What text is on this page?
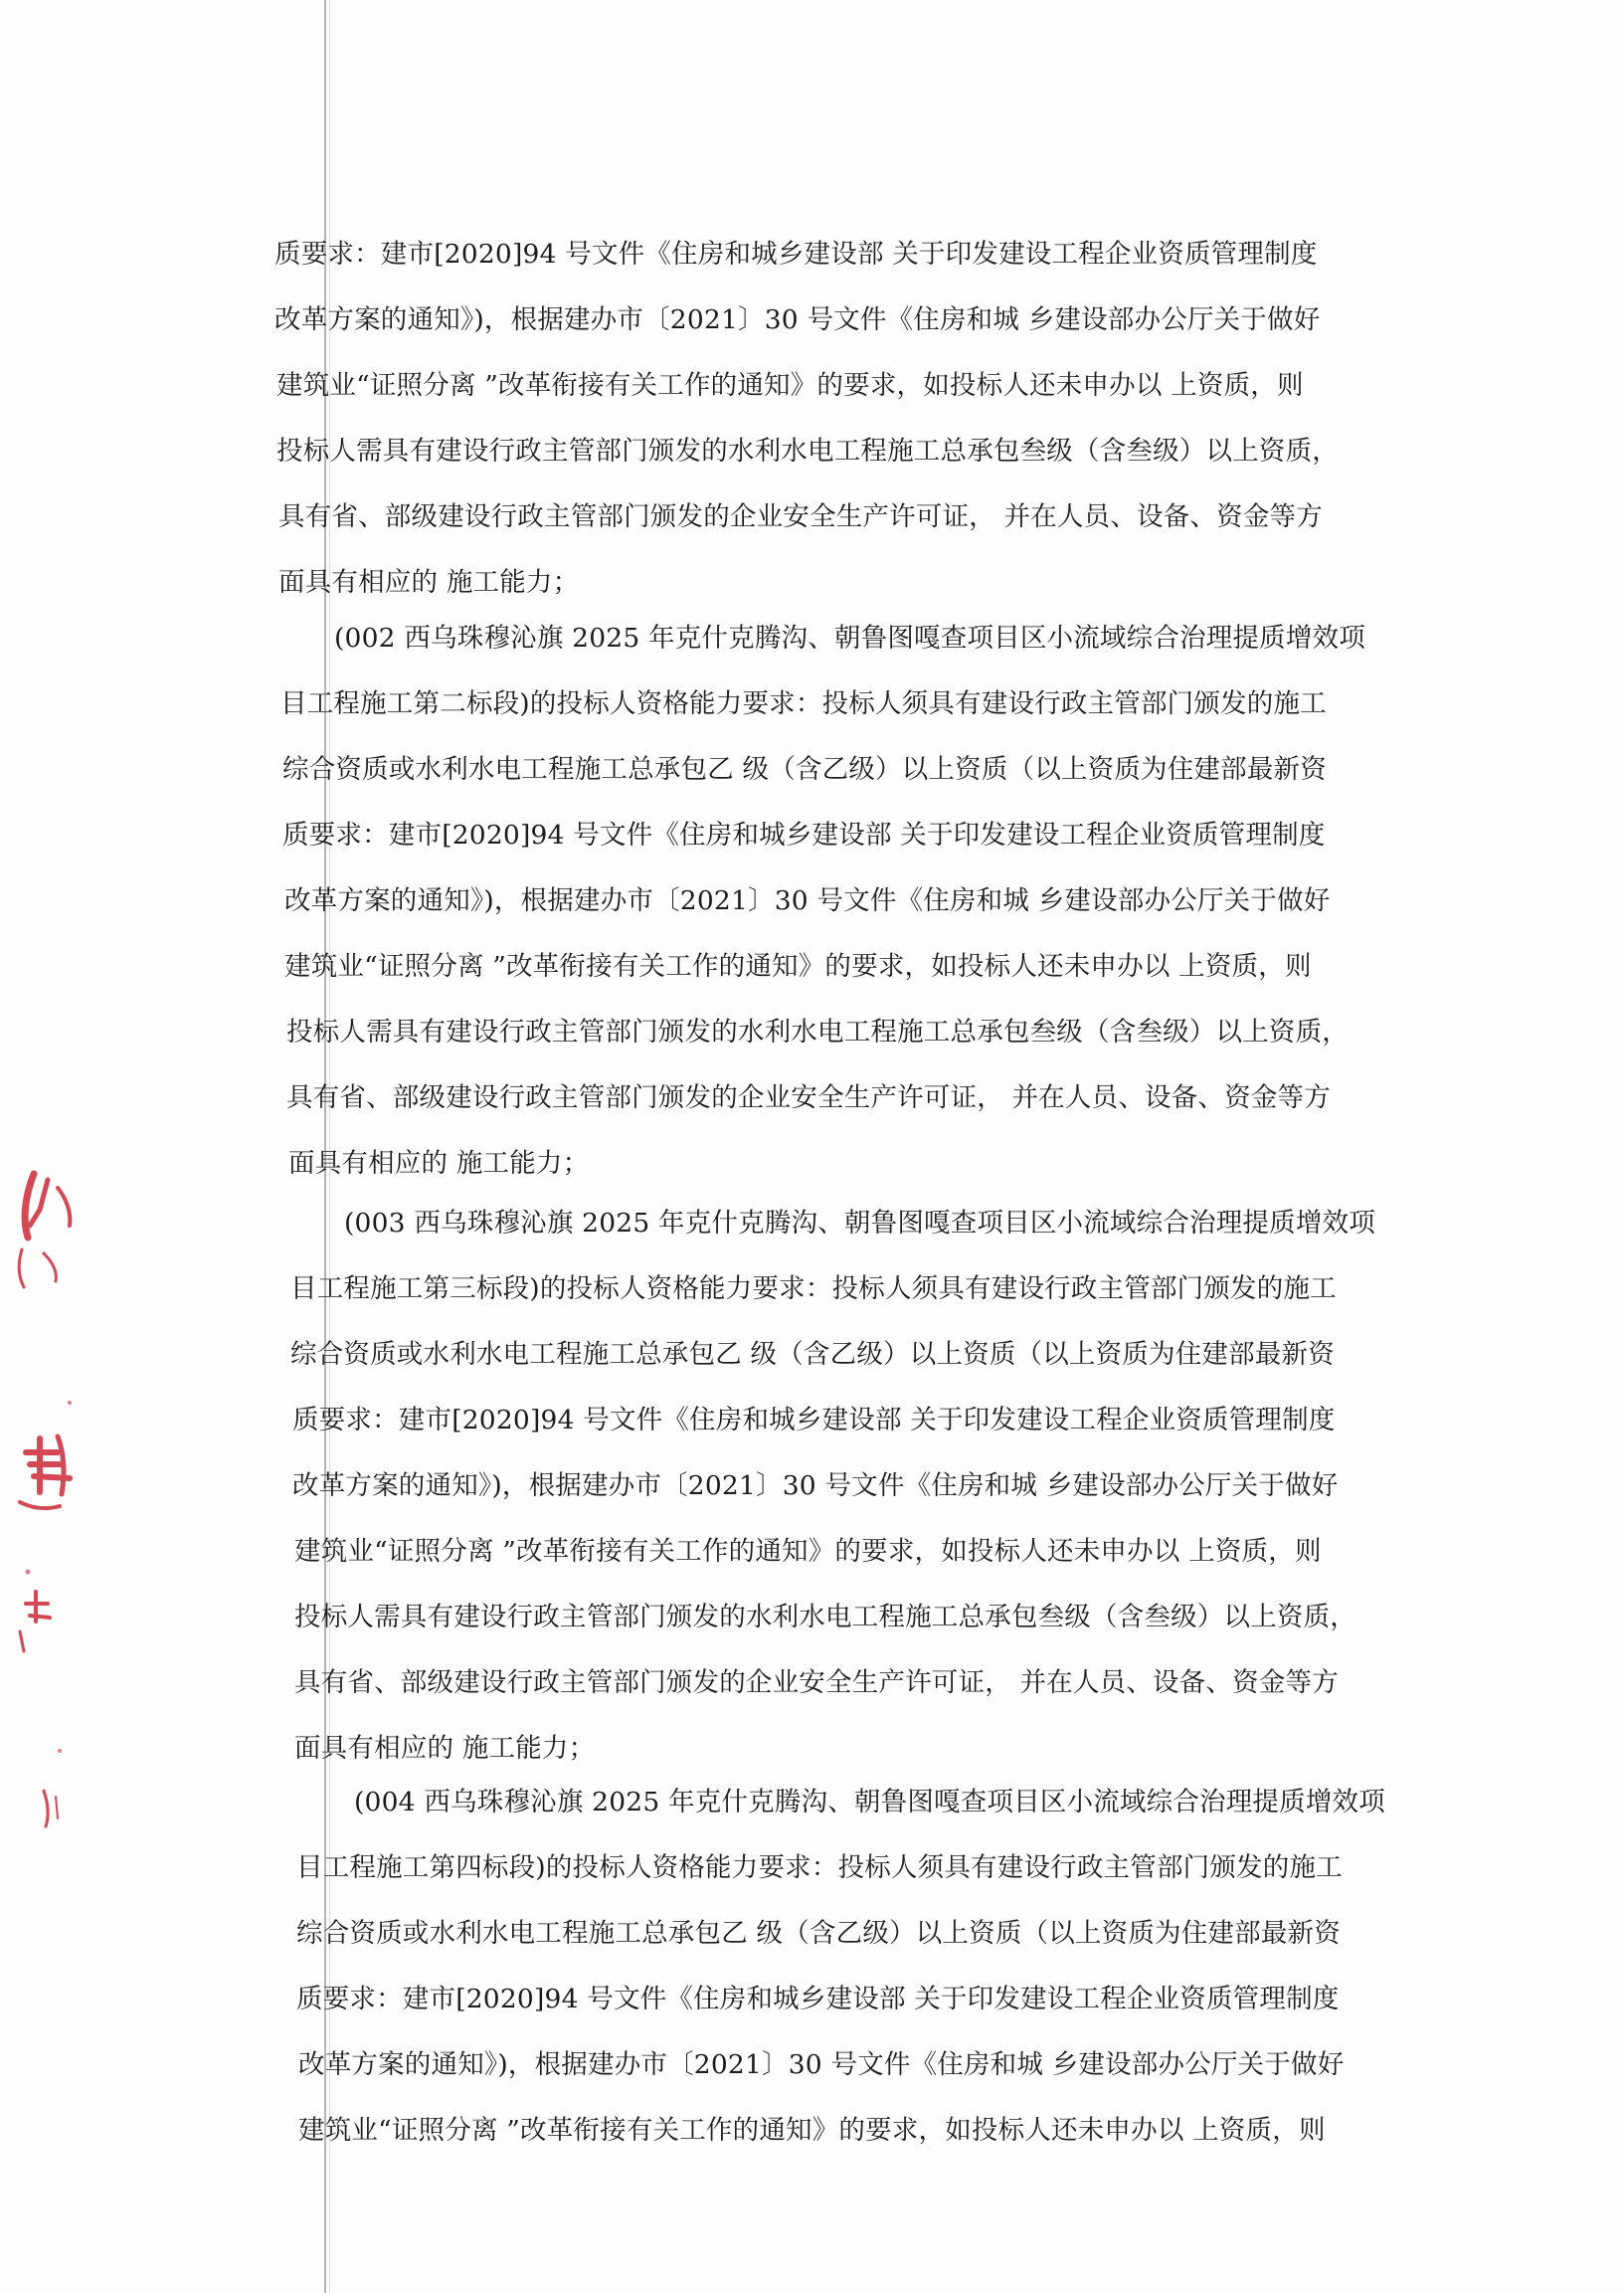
质要求：建市[2020]94 号文件《住房和城乡建设部 关于印发建设工程企业资质管理制度
改革方案的通知》)，根据建办市〔2021〕30 号文件《住房和城 乡建设部办公厅关于做好
建筑业“证照分离 ”改革衔接有关工作的通知》的要求，如投标人还未申办以 上资质，则
投标人需具有建设行政主管部门颁发的水利水电工程施工总承包叁级（含叁级）以上资质，
具有省、部级建设行政主管部门颁发的企业安全生产许可证， 并在人员、设备、资金等方
面具有相应的 施工能力；
(002 西乌珠穆沁旗 2025 年克什克腾沟、朝鲁图嘎查项目区小流域综合治理提质增效项
目工程施工第二标段)的投标人资格能力要求：投标人须具有建设行政主管部门颁发的施工
综合资质或水利水电工程施工总承包乙 级（含乙级）以上资质（以上资质为住建部最新资
质要求：建市[2020]94 号文件《住房和城乡建设部 关于印发建设工程企业资质管理制度
改革方案的通知》)，根据建办市〔2021〕30 号文件《住房和城 乡建设部办公厅关于做好
建筑业“证照分离 ”改革衔接有关工作的通知》的要求，如投标人还未申办以 上资质，则
投标人需具有建设行政主管部门颁发的水利水电工程施工总承包叁级（含叁级）以上资质，
具有省、部级建设行政主管部门颁发的企业安全生产许可证， 并在人员、设备、资金等方
面具有相应的 施工能力；
(003 西乌珠穆沁旗 2025 年克什克腾沟、朝鲁图嘎查项目区小流域综合治理提质增效项
目工程施工第三标段)的投标人资格能力要求：投标人须具有建设行政主管部门颁发的施工
综合资质或水利水电工程施工总承包乙 级（含乙级）以上资质（以上资质为住建部最新资
质要求：建市[2020]94 号文件《住房和城乡建设部 关于印发建设工程企业资质管理制度
改革方案的通知》)，根据建办市〔2021〕30 号文件《住房和城 乡建设部办公厅关于做好
建筑业“证照分离 ”改革衔接有关工作的通知》的要求，如投标人还未申办以 上资质，则
投标人需具有建设行政主管部门颁发的水利水电工程施工总承包叁级（含叁级）以上资质，
具有省、部级建设行政主管部门颁发的企业安全生产许可证， 并在人员、设备、资金等方
面具有相应的 施工能力；
(004 西乌珠穆沁旗 2025 年克什克腾沟、朝鲁图嘎查项目区小流域综合治理提质增效项
目工程施工第四标段)的投标人资格能力要求：投标人须具有建设行政主管部门颁发的施工
综合资质或水利水电工程施工总承包乙 级（含乙级）以上资质（以上资质为住建部最新资
质要求：建市[2020]94 号文件《住房和城乡建设部 关于印发建设工程企业资质管理制度
改革方案的通知》)，根据建办市〔2021〕30 号文件《住房和城 乡建设部办公厅关于做好
建筑业“证照分离 ”改革衔接有关工作的通知》的要求，如投标人还未申办以 上资质，则
